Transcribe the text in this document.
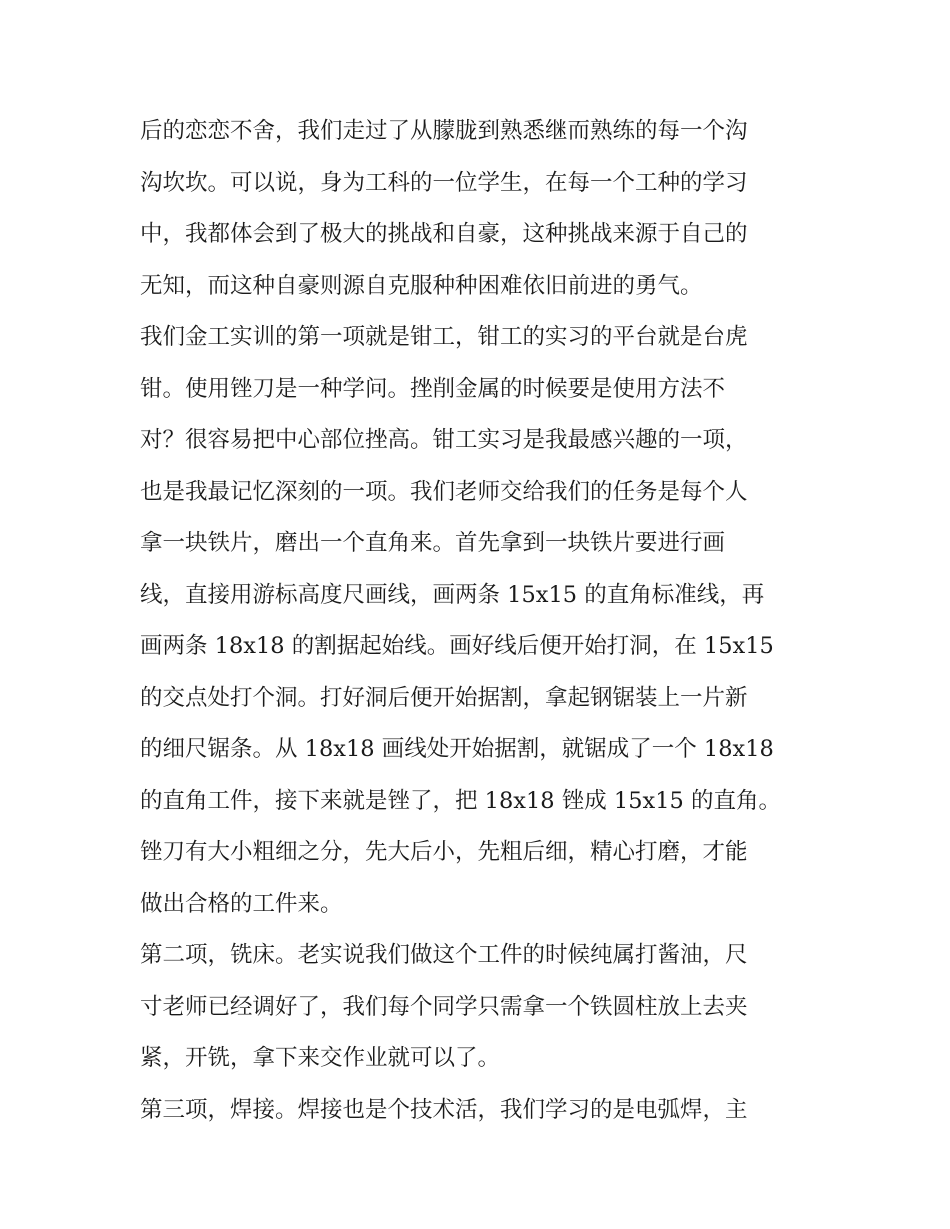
后的恋恋不舍，我们走过了从朦胧到熟悉继而熟练的每一个沟
沟坎坎。可以说，身为工科的一位学生，在每一个工种的学习
中，我都体会到了极大的挑战和自豪，这种挑战来源于自己的
无知，而这种自豪则源自克服种种困难依旧前进的勇气。
我们金工实训的第一项就是钳工，钳工的实习的平台就是台虎
钳。使用锉刀是一种学问。挫削金属的时候要是使用方法不
对？很容易把中心部位挫高。钳工实习是我最感兴趣的一项，
也是我最记忆深刻的一项。我们老师交给我们的任务是每个人
拿一块铁片，磨出一个直角来。首先拿到一块铁片要进行画
线，直接用游标高度尺画线，画两条 15x15 的直角标准线，再
画两条 18x18 的割据起始线。画好线后便开始打洞，在 15x15
的交点处打个洞。打好洞后便开始据割，拿起钢锯装上一片新
的细尺锯条。从 18x18 画线处开始据割，就锯成了一个 18x18
的直角工件，接下来就是锉了，把 18x18 锉成 15x15 的直角。
锉刀有大小粗细之分，先大后小，先粗后细，精心打磨，才能
做出合格的工件来。
第二项，铣床。老实说我们做这个工件的时候纯属打酱油，尺
寸老师已经调好了，我们每个同学只需拿一个铁圆柱放上去夹
紧，开铣，拿下来交作业就可以了。
第三项，焊接。焊接也是个技术活，我们学习的是电弧焊，主
